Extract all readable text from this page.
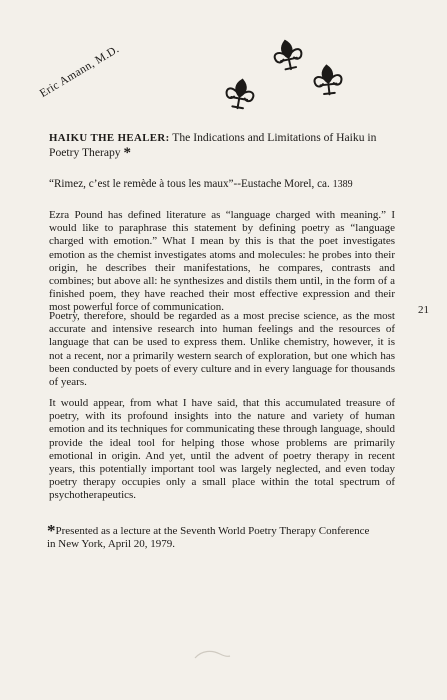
Eric Amann, M.D.
HAIKU THE HEALER: The Indications and Limitations of Haiku in Poetry Therapy *
“Rimez, c’est le remède à tous les maux”--Eustache Morel, ca. 1389

Ezra Pound has defined literature as “language charged with meaning.” I would like to paraphrase this statement by defining poetry as “language charged with emotion.” What I mean by this is that the poet investigates emotion as the chemist investigates atoms and molecules: he probes into their origin, he describes their manifestations, he compares, contrasts and combines; but above all: he synthesizes and distils them until, in the form of a finished poem, they have reached their most effective expression and their most powerful force of communication.

Poetry, therefore, should be regarded as a most precise science, as the most accurate and intensive research into human feelings and the resources of language that can be used to express them. Unlike chemistry, however, it is not a recent, nor a primarily western search of exploration, but one which has been conducted by poets of every culture and in every language for thousands of years.

It would appear, from what I have said, that this accumulated treasure of poetry, with its profound insights into the nature and variety of human emotion and its techniques for communicating these through language, should provide the ideal tool for helping those whose problems are primarily emotional in origin. And yet, until the advent of poetry therapy in recent years, this potentially important tool was largely neglected, and even today poetry therapy occupies only a small place within the total spectrum of psychotherapeutics.

21
*Presented as a lecture at the Seventh World Poetry Therapy Conference in New York, April 20, 1979.
